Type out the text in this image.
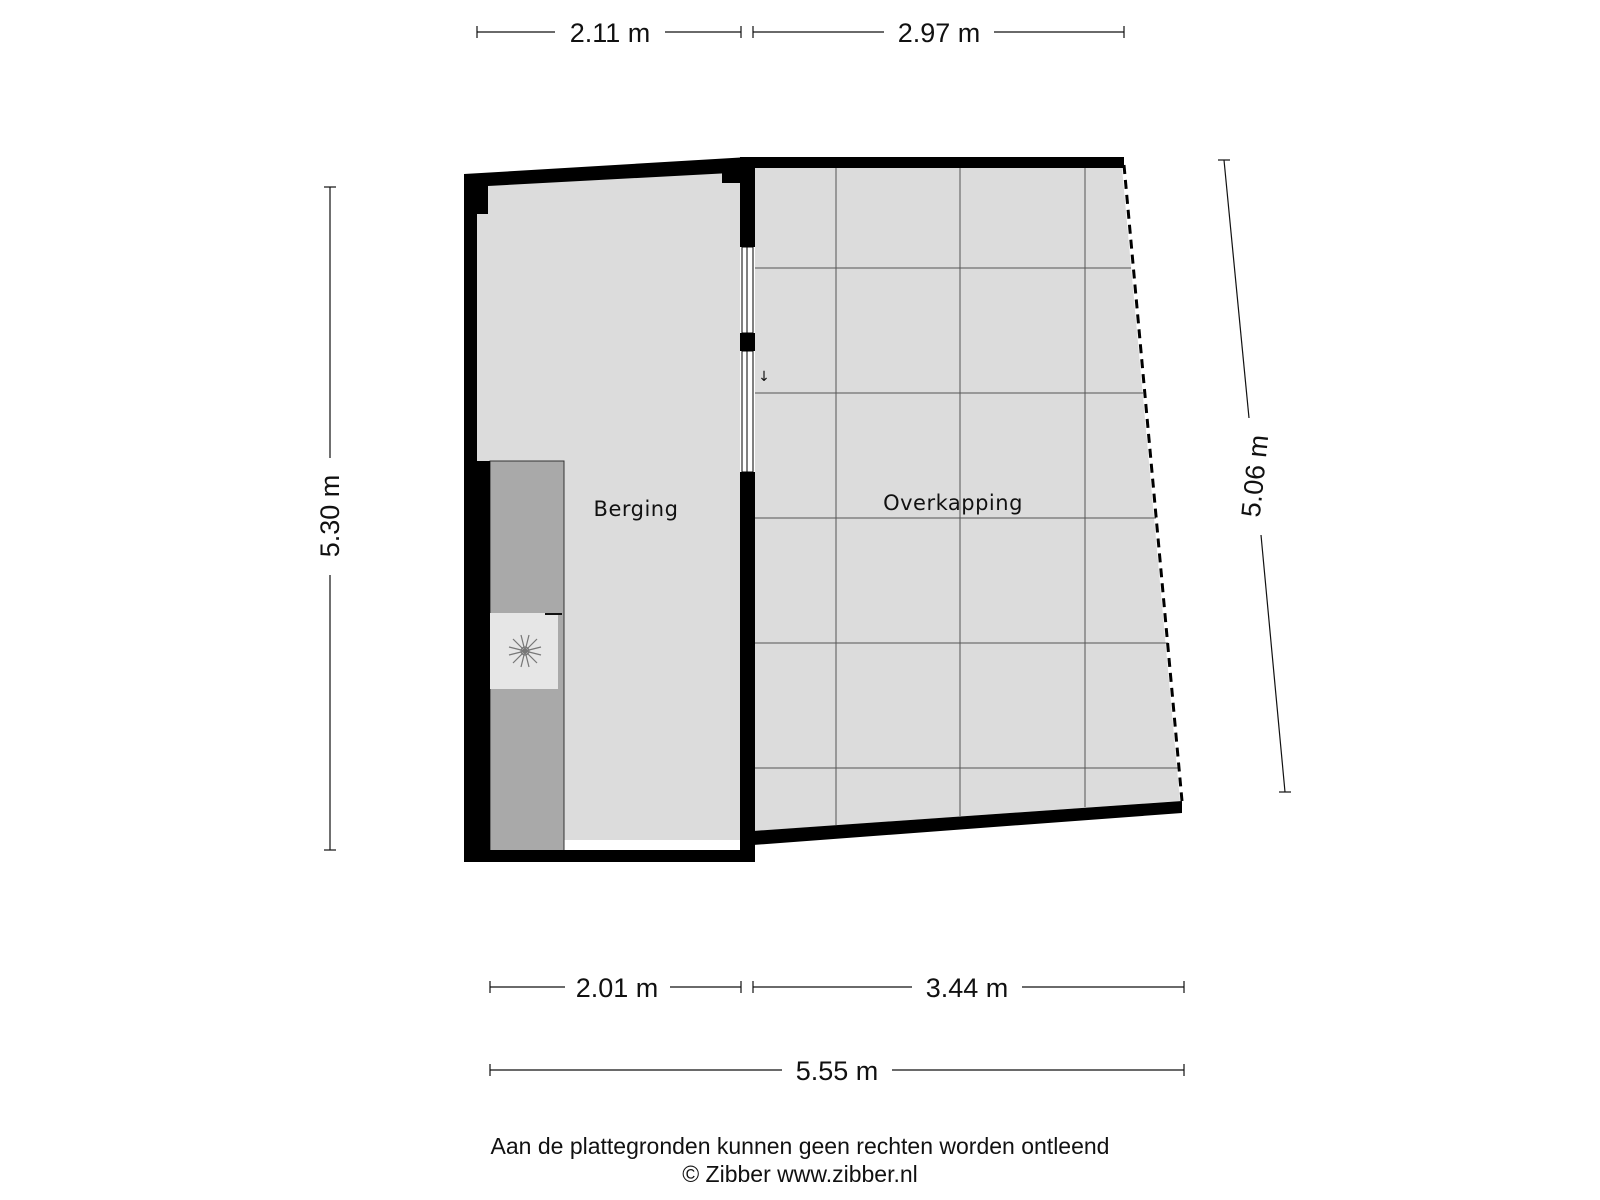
↓
Berging	Overkapping
2.11 m	2.97 m
5.30 m	5.06 m
2.01 m	3.44 m
5.55 m
Aan de plattegronden kunnen geen rechten worden ontleend
© Zibber www.zibber.nl
